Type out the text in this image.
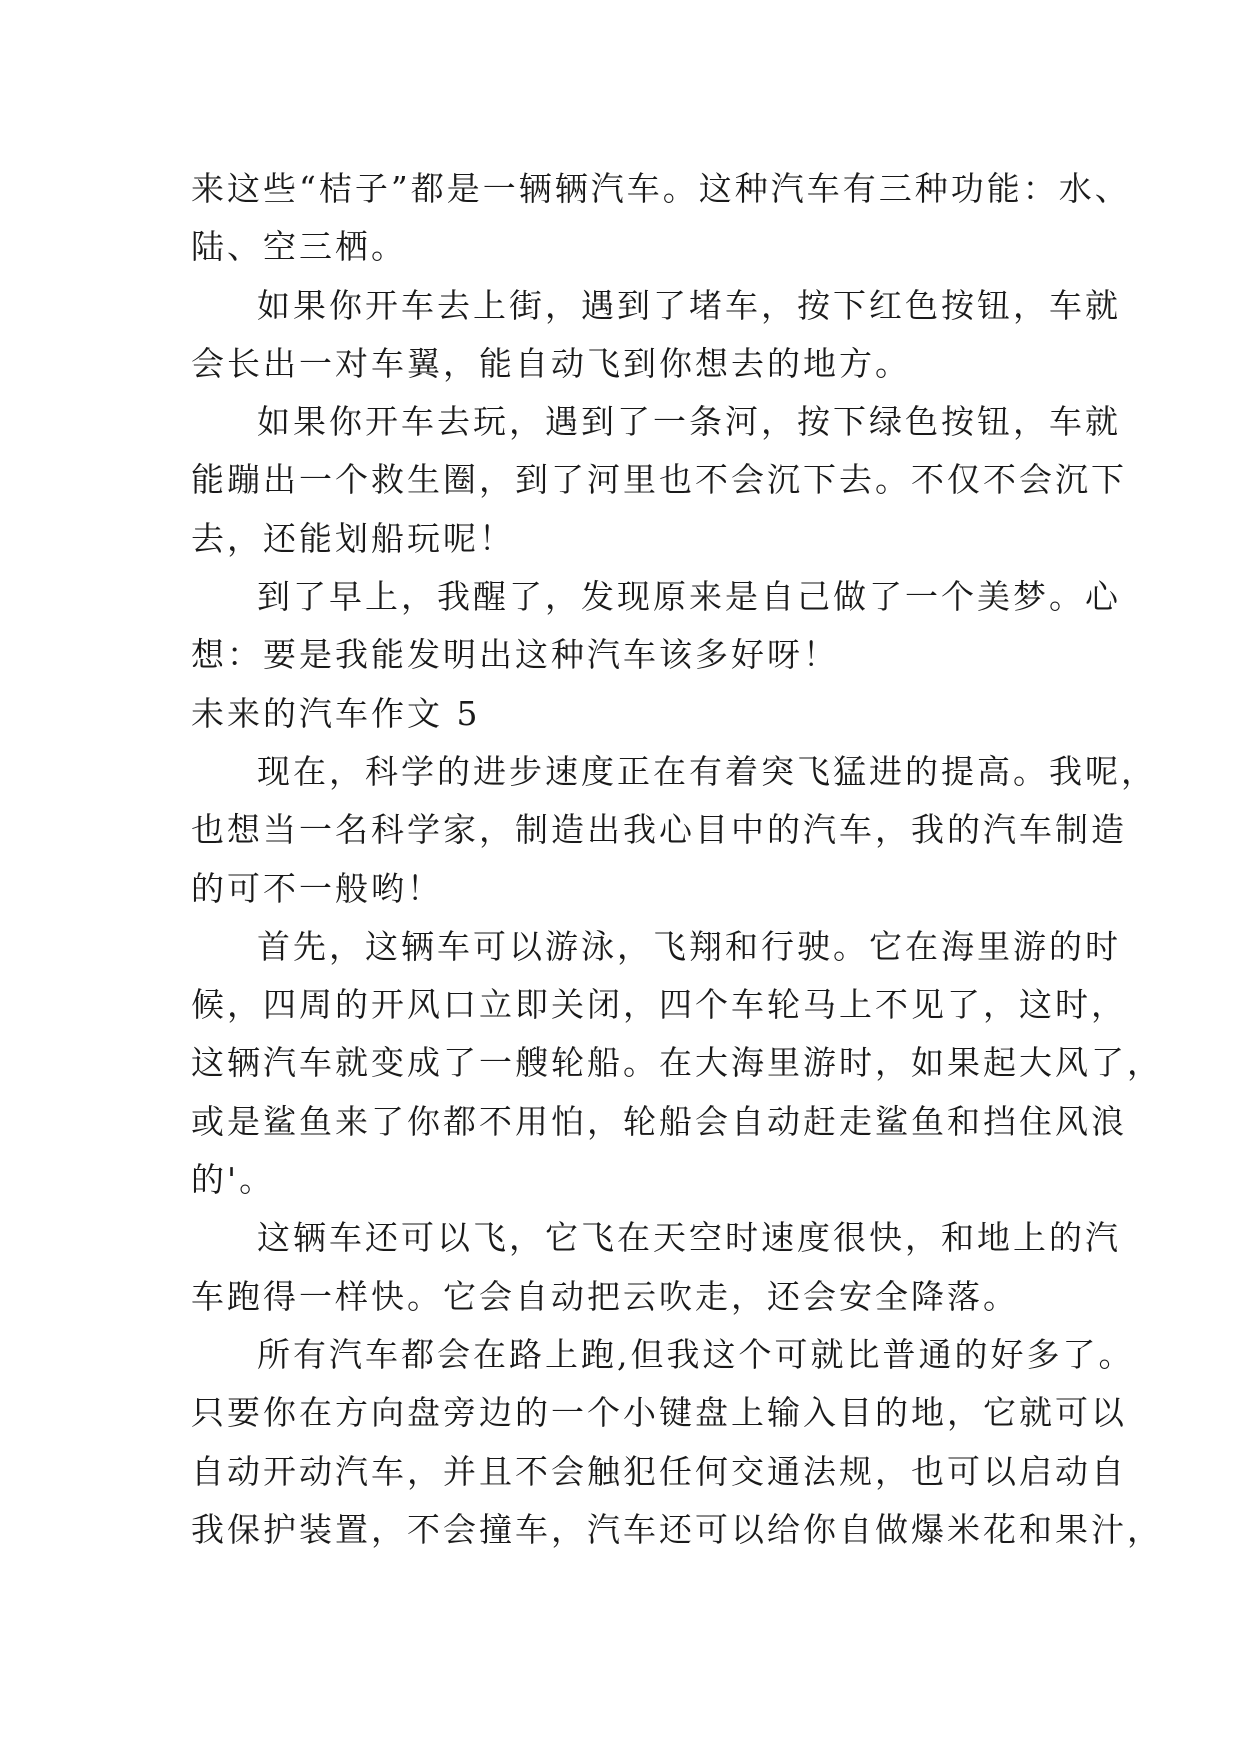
来这些“桔子”都是一辆辆汽车。这种汽车有三种功能：水、
陆、空三栖。
如果你开车去上街，遇到了堵车，按下红色按钮，车就
会长出一对车翼，能自动飞到你想去的地方。
如果你开车去玩，遇到了一条河，按下绿色按钮，车就
能蹦出一个救生圈，到了河里也不会沉下去。不仅不会沉下
去，还能划船玩呢！
到了早上，我醒了，发现原来是自己做了一个美梦。心
想：要是我能发明出这种汽车该多好呀！
未来的汽车作文 5
现在，科学的进步速度正在有着突飞猛进的提高。我呢，
也想当一名科学家，制造出我心目中的汽车，我的汽车制造
的可不一般哟！
首先，这辆车可以游泳，飞翔和行驶。它在海里游的时
候，四周的开风口立即关闭，四个车轮马上不见了，这时，
这辆汽车就变成了一艘轮船。在大海里游时，如果起大风了，
或是鲨鱼来了你都不用怕，轮船会自动赶走鲨鱼和挡住风浪
的'。
这辆车还可以飞，它飞在天空时速度很快，和地上的汽
车跑得一样快。它会自动把云吹走，还会安全降落。
所有汽车都会在路上跑,但我这个可就比普通的好多了。
只要你在方向盘旁边的一个小键盘上输入目的地，它就可以
自动开动汽车，并且不会触犯任何交通法规，也可以启动自
我保护装置，不会撞车，汽车还可以给你自做爆米花和果汁，
